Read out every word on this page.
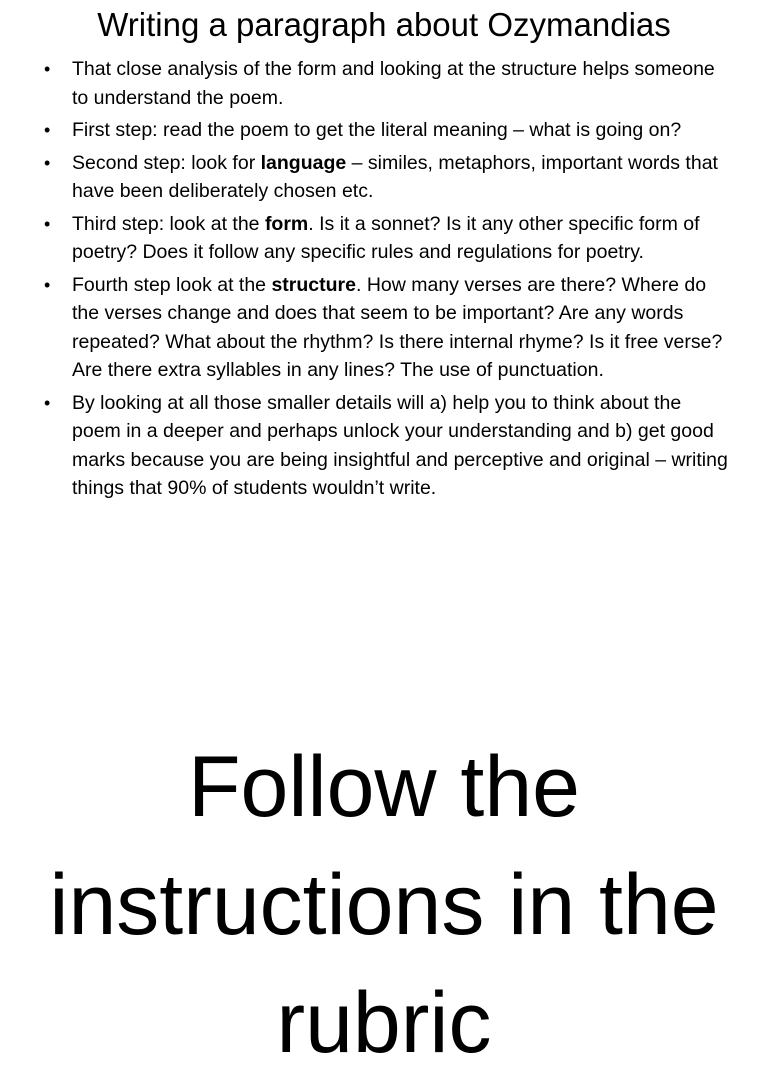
Writing a paragraph about Ozymandias
• That close analysis of the form and looking at the structure helps someone to understand the poem.
• First step: read the poem to get the literal meaning – what is going on?
• Second step: look for language – similes, metaphors, important words that have been deliberately chosen etc.
• Third step: look at the form. Is it a sonnet? Is it any other specific form of poetry? Does it follow any specific rules and regulations for poetry.
• Fourth step look at the structure. How many verses are there? Where do the verses change and does that seem to be important? Are any words repeated? What about the rhythm? Is there internal rhyme? Is it free verse? Are there extra syllables in any lines? The use of punctuation.
• By looking at all those smaller details will a) help you to think about the poem in a deeper and perhaps unlock your understanding and b) get good marks because you are being insightful and perceptive and original – writing things that 90% of students wouldn’t write.
Follow the instructions in the rubric
